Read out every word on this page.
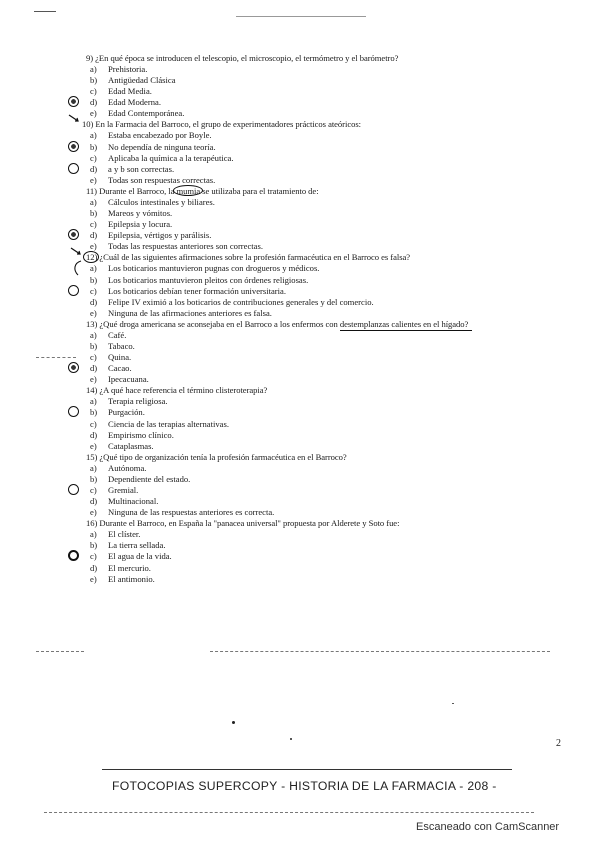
9) ¿En qué época se introducen el telescopio, el microscopio, el termómetro y el barómetro?
a) Prehistoria.
b) Antigüedad Clásica
c) Edad Media.
d) Edad Moderna.
e) Edad Contemporánea.
10) En la Farmacia del Barroco, el grupo de experimentadores prácticos ateóricos:
a) Estaba encabezado por Boyle.
b) No dependía de ninguna teoría.
c) Aplicaba la química a la terapéutica.
d) a y b son correctas.
e) Todas son respuestas correctas.
11) Durante el Barroco, la mumia se utilizaba para el tratamiento de:
a) Cálculos intestinales y biliares.
b) Mareos y vómitos.
c) Epilepsia y locura.
d) Epilepsia, vértigos y parálisis.
e) Todas las respuestas anteriores son correctas.
12) ¿Cuál de las siguientes afirmaciones sobre la profesión farmacéutica en el Barroco es falsa?
a) Los boticarios mantuvieron pugnas con drogueros y médicos.
b) Los boticarios mantuvieron pleitos con órdenes religiosas.
c) Los boticarios debían tener formación universitaria.
d) Felipe IV eximió a los boticarios de contribuciones generales y del comercio.
e) Ninguna de las afirmaciones anteriores es falsa.
13) ¿Qué droga americana se aconsejaba en el Barroco a los enfermos con destemplanzas calientes en el hígado?
a) Café.
b) Tabaco.
c) Quina.
d) Cacao.
e) Ipecacuana.
14) ¿A qué hace referencia el término clisteroterapia?
a) Terapia religiosa.
b) Purgación.
c) Ciencia de las terapias alternativas.
d) Empirismo clínico.
e) Cataplasmas.
15) ¿Qué tipo de organización tenía la profesión farmacéutica en el Barroco?
a) Autónoma.
b) Dependiente del estado.
c) Gremial.
d) Multinacional.
e) Ninguna de las respuestas anteriores es correcta.
16) Durante el Barroco, en España la "panacea universal" propuesta por Alderete y Soto fue:
a) El clíster.
b) La tierra sellada.
c) El agua de la vida.
d) El mercurio.
e) El antimonio.
2
FOTOCOPIAS SUPERCOPY - HISTORIA DE LA FARMACIA - 208 -
Escaneado con CamScanner
